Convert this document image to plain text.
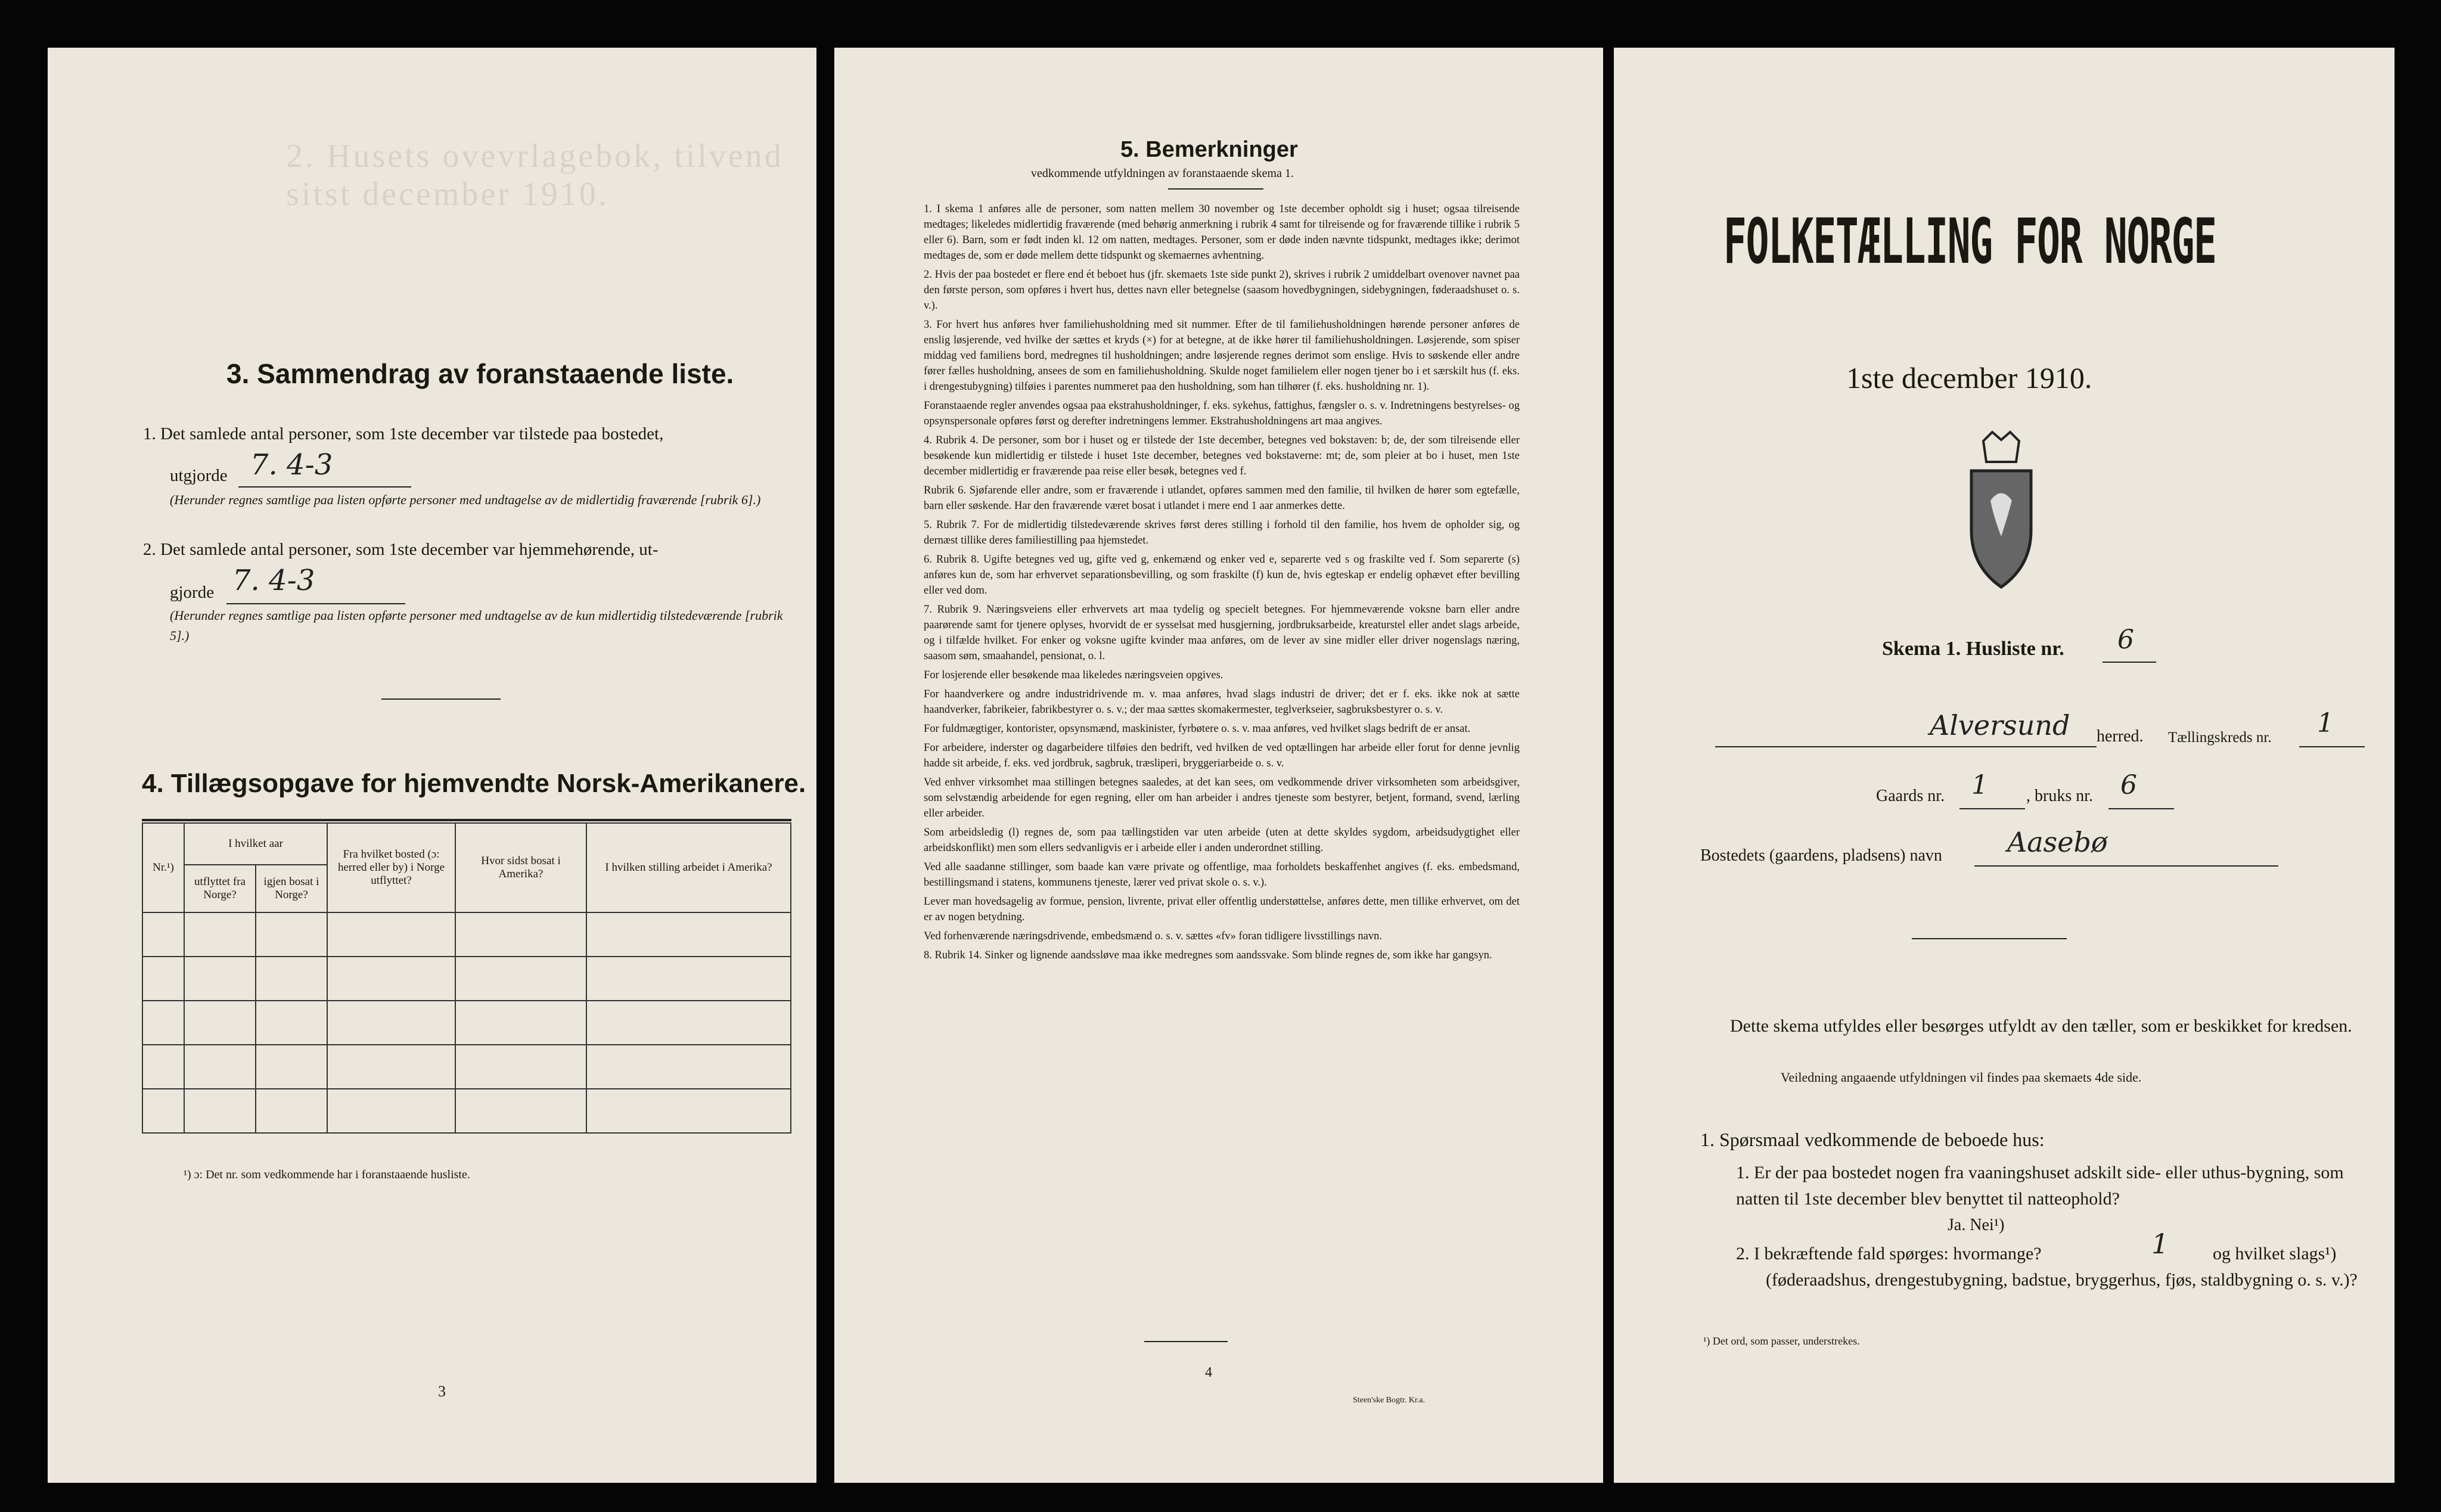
2. Husets ovevrlagebok, tilvend sitst december 1910.
3. Sammendrag av foranstaaende liste.
1. Det samlede antal personer, som 1ste december var tilstede paa bostedet,
utgjorde 7. 4-3
(Herunder regnes samtlige paa listen opførte personer med undtagelse av de midlertidig fraværende [rubrik 6].)
2. Det samlede antal personer, som 1ste december var hjemmehørende, ut-
gjorde 7. 4-3
(Herunder regnes samtlige paa listen opførte personer med undtagelse av de kun midlertidig tilstedeværende [rubrik 5].)
4. Tillægsopgave for hjemvendte Norsk-Amerikanere.
Nr.¹)	I hvilket aar		Fra hvilket bosted (ɔ: herred eller by) i Norge utflyttet?	Hvor sidst bosat i Amerika?	I hvilken stilling arbeidet i Amerika?
	utflyttet fra Norge?	igjen bosat i Norge?			

¹) ɔ: Det nr. som vedkommende har i foranstaaende husliste.
3
5. Bemerkninger
vedkommende utfyldningen av foranstaaende skema 1.

1. I skema 1 anføres alle de personer, som natten mellem 30 november og 1ste december opholdt sig i huset; ogsaa tilreisende medtages; likeledes midlertidig fraværende (med behørig anmerkning i rubrik 4 samt for tilreisende og for fraværende tillike i rubrik 5 eller 6). Barn, som er født inden kl. 12 om natten, medtages. Personer, som er døde inden nævnte tidspunkt, medtages ikke; derimot medtages de, som er døde mellem dette tidspunkt og skemaernes avhentning.

2. Hvis der paa bostedet er flere end ét beboet hus (jfr. skemaets 1ste side punkt 2), skrives i rubrik 2 umiddelbart ovenover navnet paa den første person, som opføres i hvert hus, dettes navn eller betegnelse (saasom hovedbygningen, sidebygningen, føderaadshuset o. s. v.).

3. For hvert hus anføres hver familiehusholdning med sit nummer. Efter de til familiehusholdningen hørende personer anføres de enslig løsjerende, ved hvilke der sættes et kryds (×) for at betegne, at de ikke hører til familiehusholdningen. Løsjerende, som spiser middag ved familiens bord, medregnes til husholdningen; andre løsjerende regnes derimot som enslige. Hvis to søskende eller andre fører fælles husholdning, ansees de som en familiehusholdning. Skulde noget familielem eller nogen tjener bo i et særskilt hus (f. eks. i drengestubygning) tilføies i parentes nummeret paa den husholdning, som han tilhører (f. eks. husholdning nr. 1).

Foranstaaende regler anvendes ogsaa paa ekstrahusholdninger, f. eks. sykehus, fattighus, fængsler o. s. v. Indretningens bestyrelses- og opsynspersonale opføres først og derefter indretningens lemmer. Ekstrahusholdningens art maa angives.

4. Rubrik 4. De personer, som bor i huset og er tilstede der 1ste december, betegnes ved bokstaven: b; de, der som tilreisende eller besøkende kun midlertidig er tilstede i huset 1ste december, betegnes ved bokstaverne: mt; de, som pleier at bo i huset, men 1ste december midlertidig er fraværende paa reise eller besøk, betegnes ved f.

Rubrik 6. Sjøfarende eller andre, som er fraværende i utlandet, opføres sammen med den familie, til hvilken de hører som egtefælle, barn eller søskende. Har den fraværende været bosat i utlandet i mere end 1 aar anmerkes dette.

5. Rubrik 7. For de midlertidig tilstedeværende skrives først deres stilling i forhold til den familie, hos hvem de opholder sig, og dernæst tillike deres familiestilling paa hjemstedet.

6. Rubrik 8. Ugifte betegnes ved ug, gifte ved g, enkemænd og enker ved e, separerte ved s og fraskilte ved f. Som separerte (s) anføres kun de, som har erhvervet separationsbevilling, og som fraskilte (f) kun de, hvis egteskap er endelig ophævet efter bevilling eller ved dom.

7. Rubrik 9. Næringsveiens eller erhvervets art maa tydelig og specielt betegnes. For hjemmeværende voksne barn eller andre paarørende samt for tjenere oplyses, hvorvidt de er sysselsat med husgjerning, jordbruksarbeide, kreaturstel eller andet slags arbeide, og i tilfælde hvilket. For enker og voksne ugifte kvinder maa anføres, om de lever av sine midler eller driver nogenslags næring, saasom søm, smaahandel, pensionat, o. l.

For losjerende eller besøkende maa likeledes næringsveien opgives.

For haandverkere og andre industridrivende m. v. maa anføres, hvad slags industri de driver; det er f. eks. ikke nok at sætte haandverker, fabrikeier, fabrikbestyrer o. s. v.; der maa sættes skomakermester, teglverkseier, sagbruksbestyrer o. s. v.

For fuldmægtiger, kontorister, opsynsmænd, maskinister, fyrbøtere o. s. v. maa anføres, ved hvilket slags bedrift de er ansat.

For arbeidere, inderster og dagarbeidere tilføies den bedrift, ved hvilken de ved optællingen har arbeide eller forut for denne jevnlig hadde sit arbeide, f. eks. ved jordbruk, sagbruk, træsliperi, bryggeriarbeide o. s. v.

Ved enhver virksomhet maa stillingen betegnes saaledes, at det kan sees, om vedkommende driver virksomheten som arbeidsgiver, som selvstændig arbeidende for egen regning, eller om han arbeider i andres tjeneste som bestyrer, betjent, formand, svend, lærling eller arbeider.

Som arbeidsledig (l) regnes de, som paa tællingstiden var uten arbeide (uten at dette skyldes sygdom, arbeidsudygtighet eller arbeidskonflikt) men som ellers sedvanligvis er i arbeide eller i anden underordnet stilling.

Ved alle saadanne stillinger, som baade kan være private og offentlige, maa forholdets beskaffenhet angives (f. eks. embedsmand, bestillingsmand i statens, kommunens tjeneste, lærer ved privat skole o. s. v.).

Lever man hovedsagelig av formue, pension, livrente, privat eller offentlig understøttelse, anføres dette, men tillike erhvervet, om det er av nogen betydning.

Ved forhenværende næringsdrivende, embedsmænd o. s. v. sættes «fv» foran tidligere livsstillings navn.

8. Rubrik 14. Sinker og lignende aandssløve maa ikke medregnes som aandssvake. Som blinde regnes de, som ikke har gangsyn.

4
Steen'ske Bogtr. Kr.a.
FOLKETÆLLING FOR NORGE
1ste december 1910.
Skema 1. Husliste nr. 6
Alversund herred. Tællingskreds nr. 1
Gaards nr. 1 , bruks nr. 6
Bostedets (gaardens, pladsens) navn Aasebø
Dette skema utfyldes eller besørges utfyldt av den tæller, som er beskikket for kredsen.
Veiledning angaaende utfyldningen vil findes paa skemaets 4de side.
1. Spørsmaal vedkommende de beboede hus:
1. Er der paa bostedet nogen fra vaaningshuset adskilt side- eller uthus-bygning, som natten til 1ste december blev benyttet til natteophold?
Ja. Nei¹)
2. I bekræftende fald spørges: hvormange?	1	og hvilket slags¹) (føderaadshus, drengestubygning, badstue, bryggerhus, fjøs, staldbygning o. s. v.)?
¹) Det ord, som passer, understrekes.
